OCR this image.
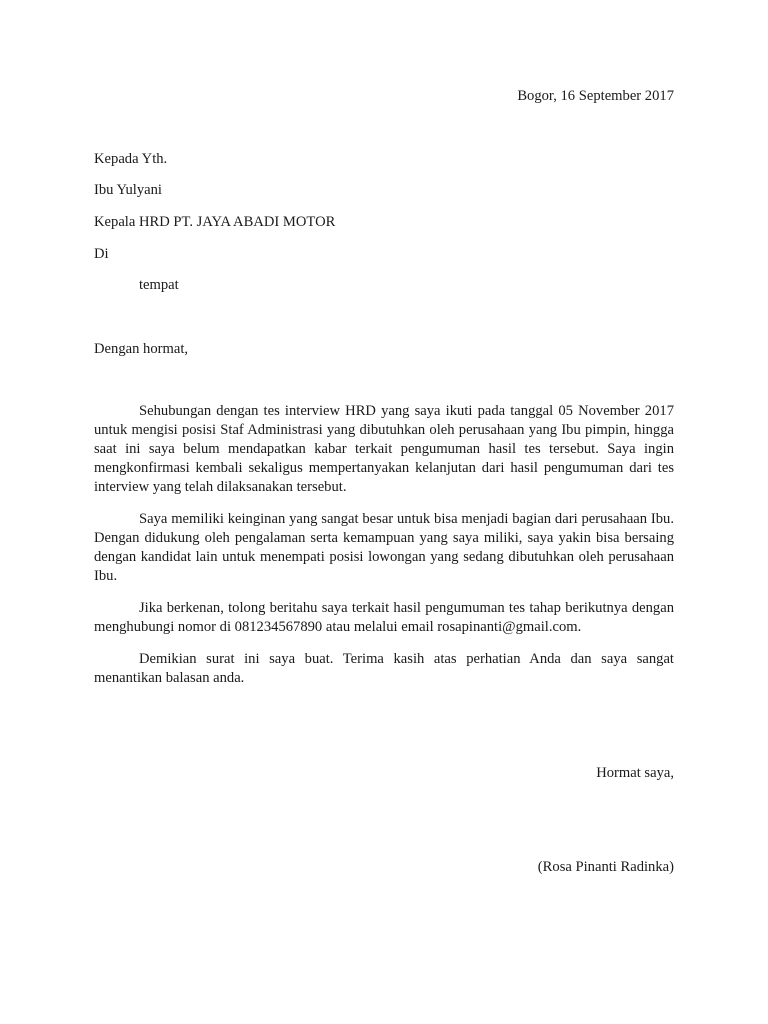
Bogor, 16 September 2017
Kepada Yth.
Ibu Yulyani
Kepala HRD PT. JAYA ABADI MOTOR
Di
tempat
Dengan hormat,

Sehubungan dengan tes interview HRD yang saya ikuti pada tanggal 05 November 2017 untuk mengisi posisi Staf Administrasi yang dibutuhkan oleh perusahaan yang Ibu pimpin, hingga saat ini saya belum mendapatkan kabar terkait pengumuman hasil tes tersebut. Saya ingin mengkonfirmasi kembali sekaligus mempertanyakan kelanjutan dari hasil pengumuman dari tes interview yang telah dilaksanakan tersebut.

Saya memiliki keinginan yang sangat besar untuk bisa menjadi bagian dari perusahaan Ibu. Dengan didukung oleh pengalaman serta kemampuan yang saya miliki, saya yakin bisa bersaing dengan kandidat lain untuk menempati posisi lowongan yang sedang dibutuhkan oleh perusahaan Ibu.

Jika berkenan, tolong beritahu saya terkait hasil pengumuman tes tahap berikutnya dengan menghubungi nomor di 081234567890 atau melalui email rosapinanti@gmail.com.

Demikian surat ini saya buat. Terima kasih atas perhatian Anda dan saya sangat menantikan balasan anda.

Hormat saya,
(Rosa Pinanti Radinka)
